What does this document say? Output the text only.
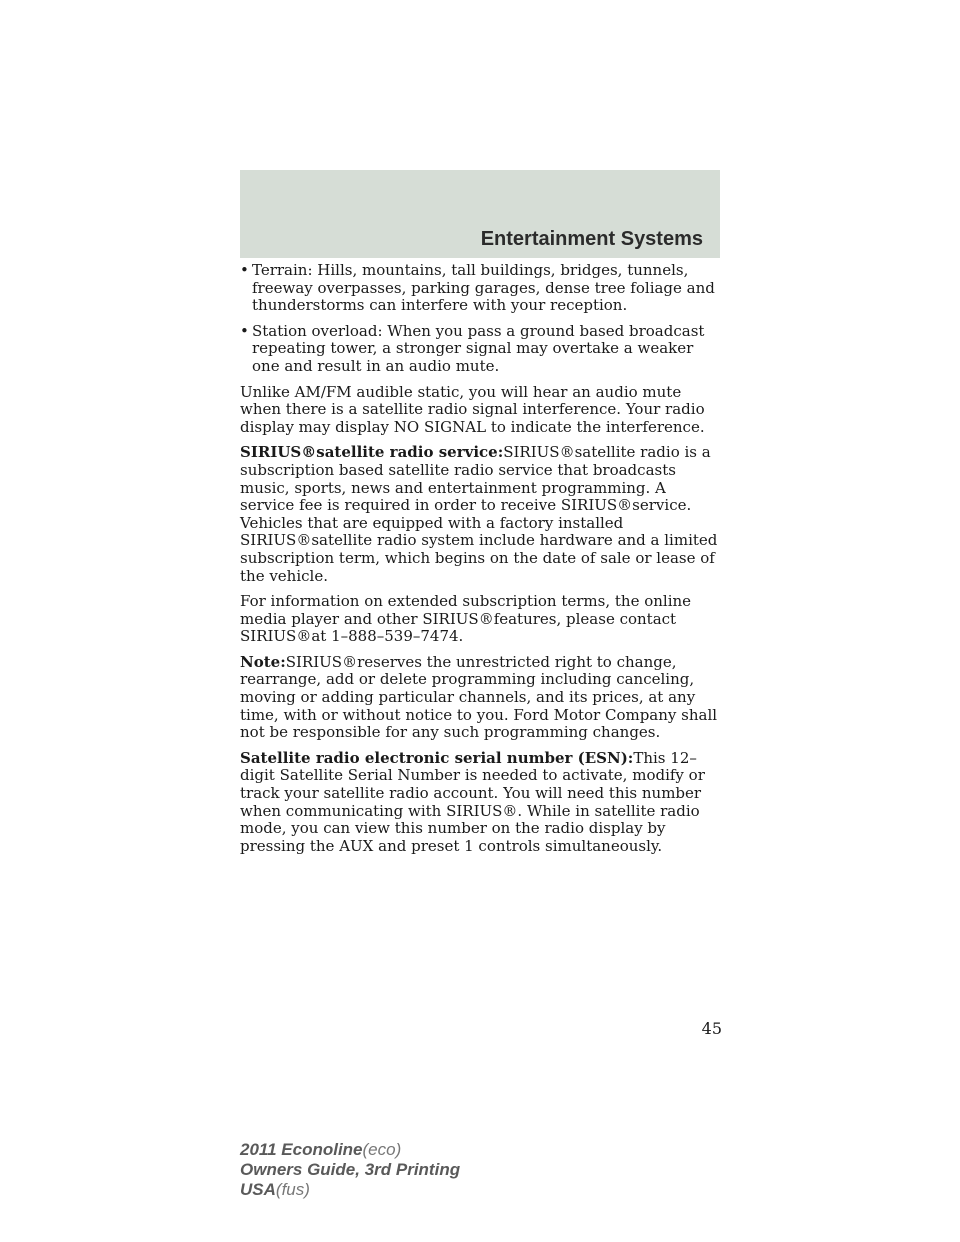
Entertainment Systems
• Terrain: Hills, mountains, tall buildings, bridges, tunnels, freeway overpasses, parking garages, dense tree foliage and thunderstorms can interfere with your reception.
• Station overload: When you pass a ground based broadcast repeating tower, a stronger signal may overtake a weaker one and result in an audio mute.

Unlike AM/FM audible static, you will hear an audio mute when there is a satellite radio signal interference. Your radio display may display NO SIGNAL to indicate the interference.

SIRIUS®satellite radio service:SIRIUS®satellite radio is a subscription based satellite radio service that broadcasts music, sports, news and entertainment programming. A service fee is required in order to receive SIRIUS®service. Vehicles that are equipped with a factory installed SIRIUS®satellite radio system include hardware and a limited subscription term, which begins on the date of sale or lease of the vehicle.

For information on extended subscription terms, the online media player and other SIRIUS®features, please contact SIRIUS®at 1–888–539–7474.

Note:SIRIUS®reserves the unrestricted right to change, rearrange, add or delete programming including canceling, moving or adding particular channels, and its prices, at any time, with or without notice to you. Ford Motor Company shall not be responsible for any such programming changes.

Satellite radio electronic serial number (ESN):This 12–digit Satellite Serial Number is needed to activate, modify or track your satellite radio account. You will need this number when communicating with SIRIUS®. While in satellite radio mode, you can view this number on the radio display by pressing the AUX and preset 1 controls simultaneously.

45
2011 Econoline(eco)
Owners Guide, 3rd Printing
USA(fus)
